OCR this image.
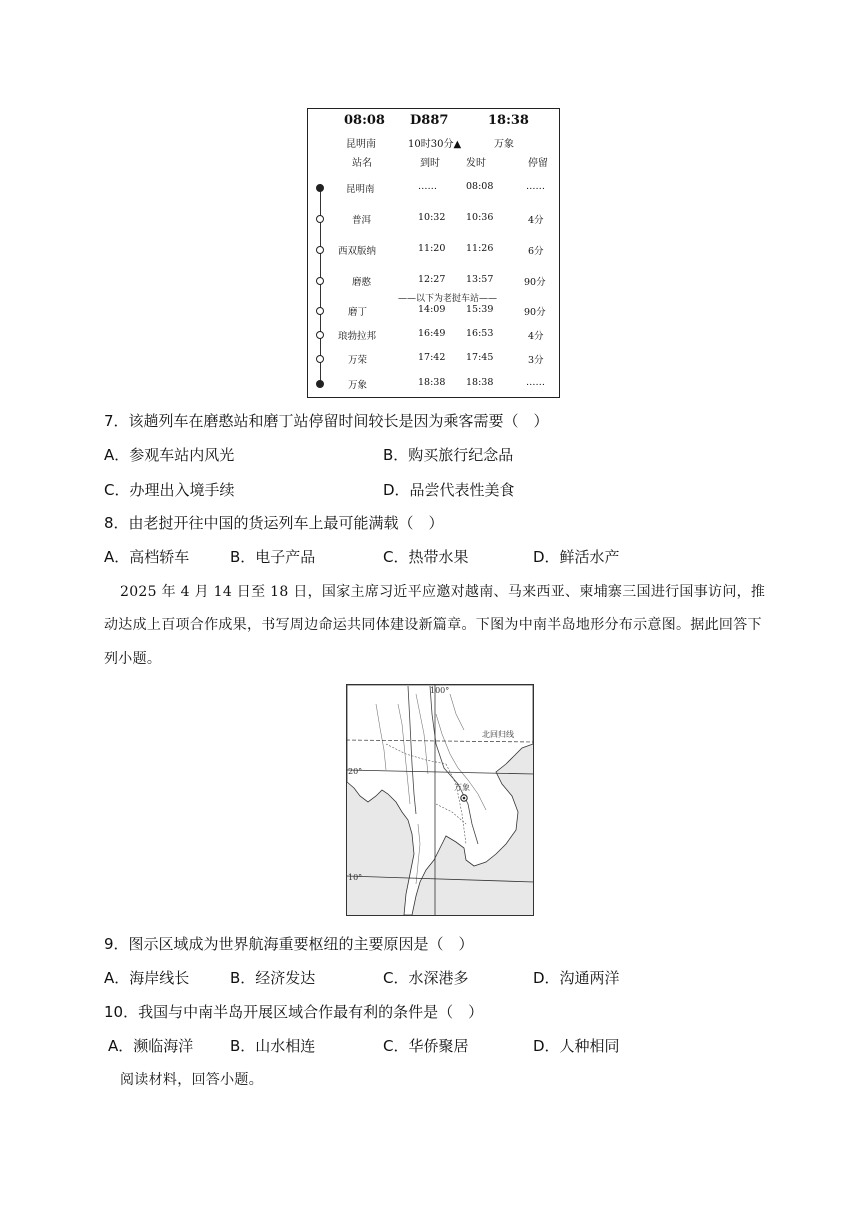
08:08 D887	18:38
昆明南	10时30分▲	万象
站名	到时	发时	停留
昆明南	……	08:08	……
普洱	10:32 10:36	4分
西双版纳	11:20 11:26	6分
磨憨	12:27 13:57	90分
——以下为老挝车站——
磨丁	14:09 15:39	90分
琅勃拉邦	16:49 16:53	4分
万荣	17:42 17:45	3分
万象	18:38 18:38	……
7．该趟列车在磨憨站和磨丁站停留时间较长是因为乘客需要（　）
A．参观车站内风光	B．购买旅行纪念品
C．办理出入境手续	D．品尝代表性美食
8．由老挝开往中国的货运列车上最可能满载（　）
A．高档轿车	B．电子产品	C．热带水果	D．鲜活水产
2025 年 4 月 14 日至 18 日，国家主席习近平应邀对越南、马来西亚、柬埔寨三国进行国事访问，推
动达成上百项合作成果，书写周边命运共同体建设新篇章。下图为中南半岛地形分布示意图。据此回答下
列小题。
100°
20°
10°
北回归线
万象
9．图示区域成为世界航海重要枢纽的主要原因是（　）
A．海岸线长	B．经济发达	C．水深港多	D．沟通两洋
10．我国与中南半岛开展区域合作最有利的条件是（　）
A．濒临海洋 B．山水相连	C．华侨聚居	D．人种相同
阅读材料，回答小题。
